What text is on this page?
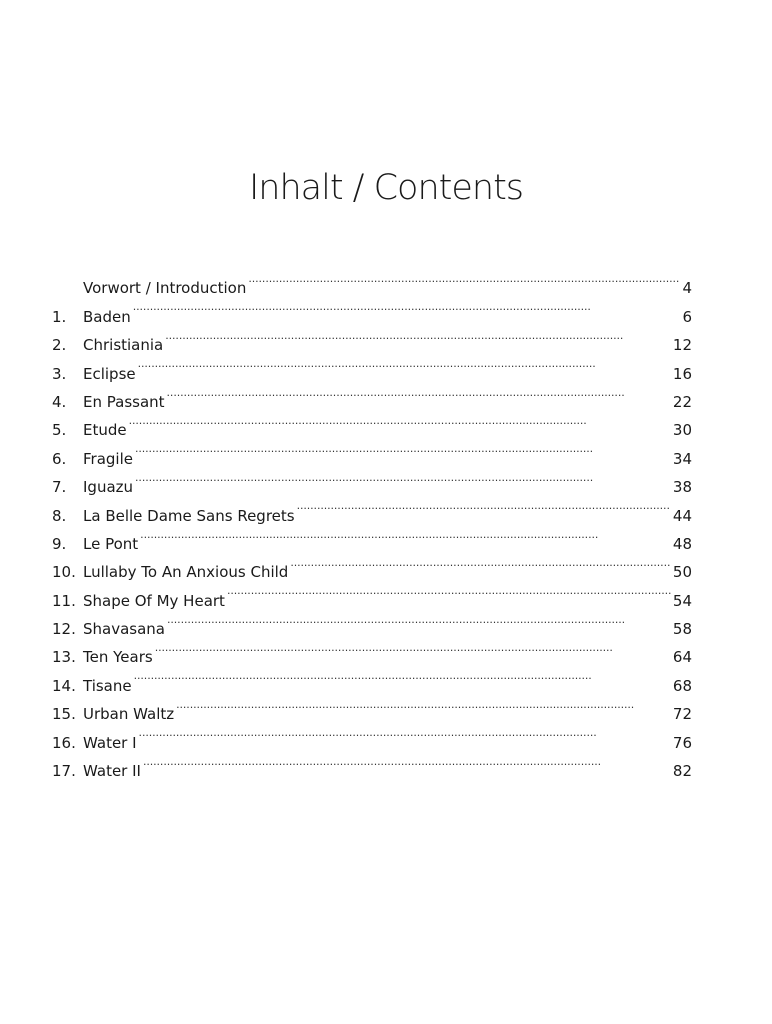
Inhalt / Contents
Vorwort / Introduction . . .	4
1.	Baden . . .	6
2.	Christiania . . .	12
3.	Eclipse . . .	16
4.	En Passant . . .	22
5.	Etude . . .	30
6.	Fragile . . .	34
7.	Iguazu . . .	38
8.	La Belle Dame Sans Regrets . . .	44
9.	Le Pont . . .	48
10. Lullaby To An Anxious Child . . .	50
11. Shape Of My Heart . . .	54
12. Shavasana . . .	58
13. Ten Years . . .	64
14. Tisane . . .	68
15. Urban Waltz . . .	72
16. Water I . . .	76
17. Water II . . .	82
